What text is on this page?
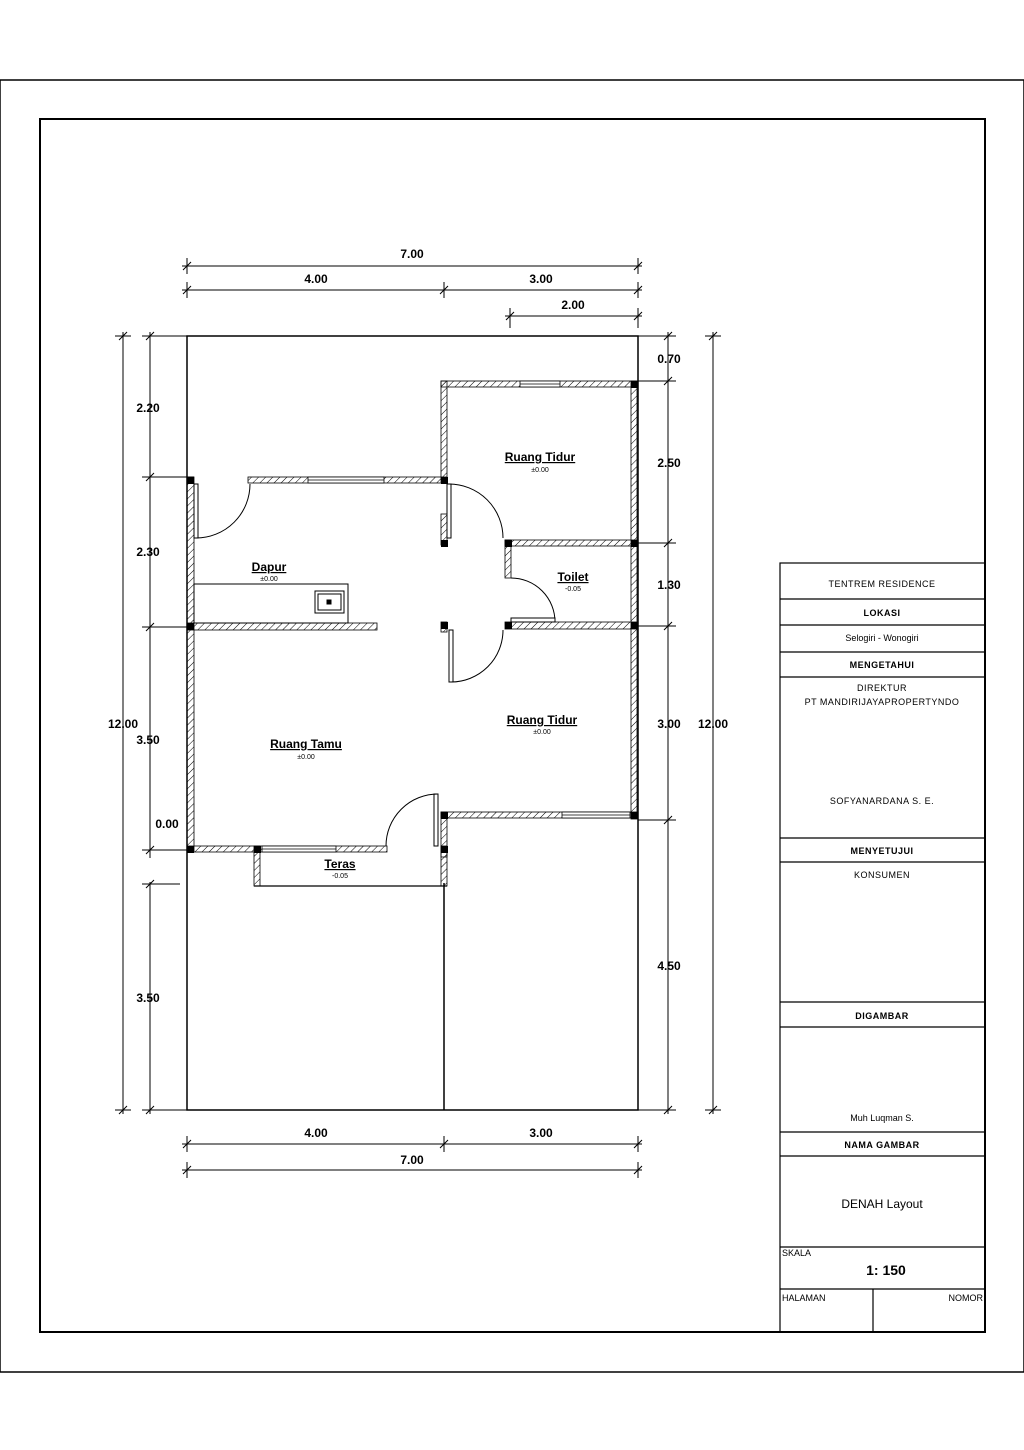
Ruang Tidur
±0.00
Dapur
±0.00	Toilet
-0.05
Ruang Tidur
±0.00
Ruang Tamu
±0.00
Teras
-0.05
7.00
4.00	3.00
2.00
4.00	3.00
7.00
12.00
2.20
2.30
3.50
0.00
3.50
0.70
2.50
1.30
3.00
4.50
12.00
TENTREM RESIDENCE
LOKASI
Selogiri - Wonogiri
MENGETAHUI
DIREKTUR
PT MANDIRIJAYAPROPERTYNDO
SOFYANARDANA S. E.
MENYETUJUI
KONSUMEN
DIGAMBAR
Muh Luqman S.
NAMA GAMBAR
DENAH Layout
SKALA
1: 150
HALAMAN	NOMOR
